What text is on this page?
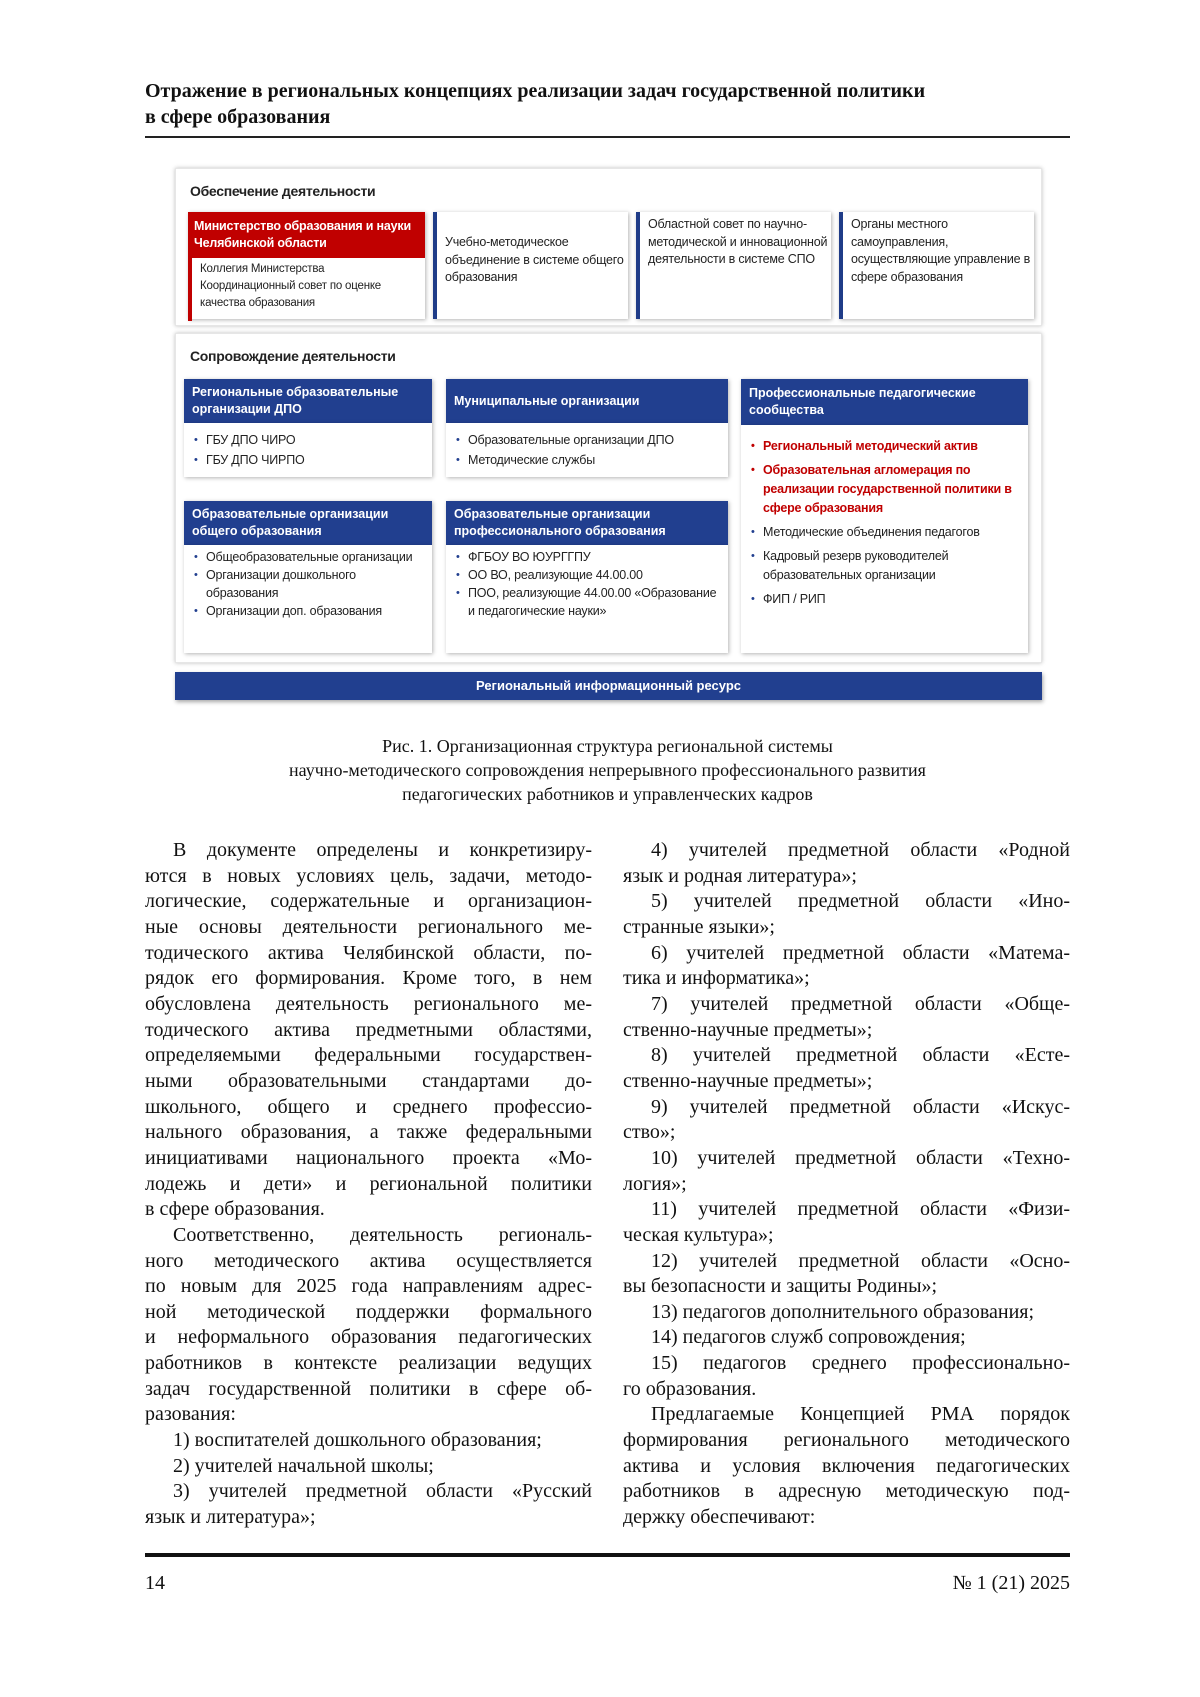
Отражение в региональных концепциях реализации задач государственной политики
в сфере образования
Обеспечение деятельности
Министерство образования и науки Челябинской области
Коллегия Министерства
Координационный совет по оценке качества образования
Учебно-методическое объединение в системе общего образования
Областной совет по научно-методической и инновационной деятельности в системе СПО
Органы местного самоуправления, осуществляющие управление в сфере образования
Сопровождение деятельности
Региональные образовательные организации ДПО
• ГБУ ДПО ЧИРО
• ГБУ ДПО ЧИРПО
Муниципальные организации
• Образовательные организации ДПО
• Методические службы
Образовательные организации общего образования
• Общеобразовательные организации
• Организации дошкольного образования
• Организации доп. образования
Образовательные организации профессионального образования
• ФГБОУ ВО ЮУРГГПУ
• ОО ВО, реализующие 44.00.00
• ПОО, реализующие 44.00.00 «Образование и педагогические науки»
Профессиональные педагогические сообщества
• Региональный методический актив
• Образовательная агломерация по реализации государственной политики в сфере образования
• Методические объединения педагогов
• Кадровый резерв руководителей образовательных организации
• ФИП / РИП
Региональный информационный ресурс
Рис. 1. Организационная структура региональной системы
научно-методического сопровождения непрерывного профессионального развития
педагогических работников и управленческих кадров
В документе определены и конкретизиру-
ются в новых условиях цель, задачи, методо-
логические, содержательные и организацион-
ные основы деятельности регионального ме-
тодического актива Челябинской области, по-
рядок его формирования. Кроме того, в нем
обусловлена деятельность регионального ме-
тодического актива предметными областями,
определяемыми федеральными государствен-
ными образовательными стандартами до-
школьного, общего и среднего профессио-
нального образования, а также федеральными
инициативами национального проекта «Мо-
лодежь и дети» и региональной политики
в сфере образования.
Соответственно, деятельность региональ-
ного методического актива осуществляется
по новым для 2025 года направлениям адрес-
ной методической поддержки формального
и неформального образования педагогических
работников в контексте реализации ведущих
задач государственной политики в сфере об-
разования:
1) воспитателей дошкольного образования;
2) учителей начальной школы;
3) учителей предметной области «Русский
язык и литература»;
4) учителей предметной области «Родной
язык и родная литература»;
5) учителей предметной области «Ино-
странные языки»;
6) учителей предметной области «Матема-
тика и информатика»;
7) учителей предметной области «Обще-
ственно-научные предметы»;
8) учителей предметной области «Есте-
ственно-научные предметы»;
9) учителей предметной области «Искус-
ство»;
10) учителей предметной области «Техно-
логия»;
11) учителей предметной области «Физи-
ческая культура»;
12) учителей предметной области «Осно-
вы безопасности и защиты Родины»;
13) педагогов дополнительного образования;
14) педагогов служб сопровождения;
15) педагогов среднего профессионально-
го образования.
Предлагаемые Концепцией РМА порядок
формирования регионального методического
актива и условия включения педагогических
работников в адресную методическую под-
держку обеспечивают:
14	№ 1 (21) 2025
